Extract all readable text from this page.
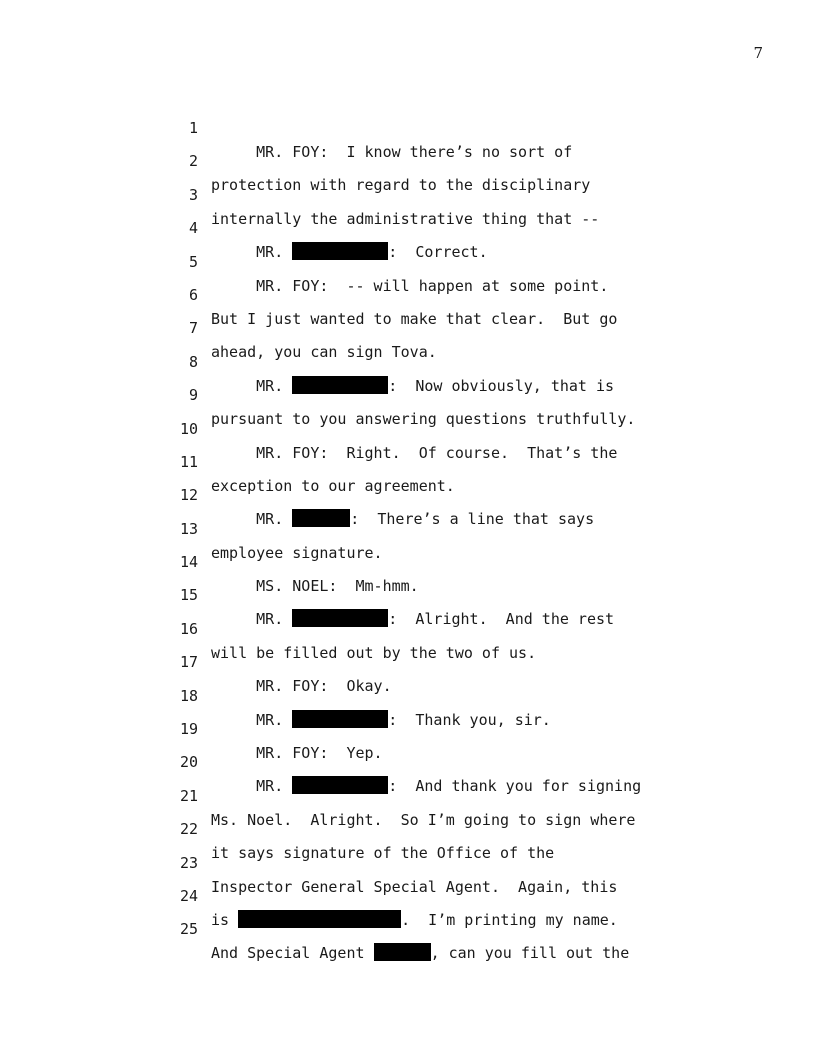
7

1

MR. FOY:  I know there’s no sort of

2

protection with regard to the disciplinary

3

internally the administrative thing that --

4

MR.	:  Correct.

5

MR. FOY:  -- will happen at some point.

6

But I just wanted to make that clear.  But go

7

ahead, you can sign Tova.

8

MR.	:  Now obviously, that is

9

pursuant to you answering questions truthfully.

10

MR. FOY:  Right.  Of course.  That’s the

11

exception to our agreement.

12

MR.	:  There’s a line that says

13

employee signature.

14

MS. NOEL:  Mm-hmm.

15

MR.	:  Alright.  And the rest

16

will be filled out by the two of us.

17

MR. FOY:  Okay.

18

MR.	:  Thank you, sir.

19

MR. FOY:  Yep.

20

MR.	:  And thank you for signing

21

Ms. Noel.  Alright.  So I’m going to sign where

22

it says signature of the Office of the

23

Inspector General Special Agent.  Again, this

24

is	.  I’m printing my name.

25

And Special Agent	, can you fill out the
